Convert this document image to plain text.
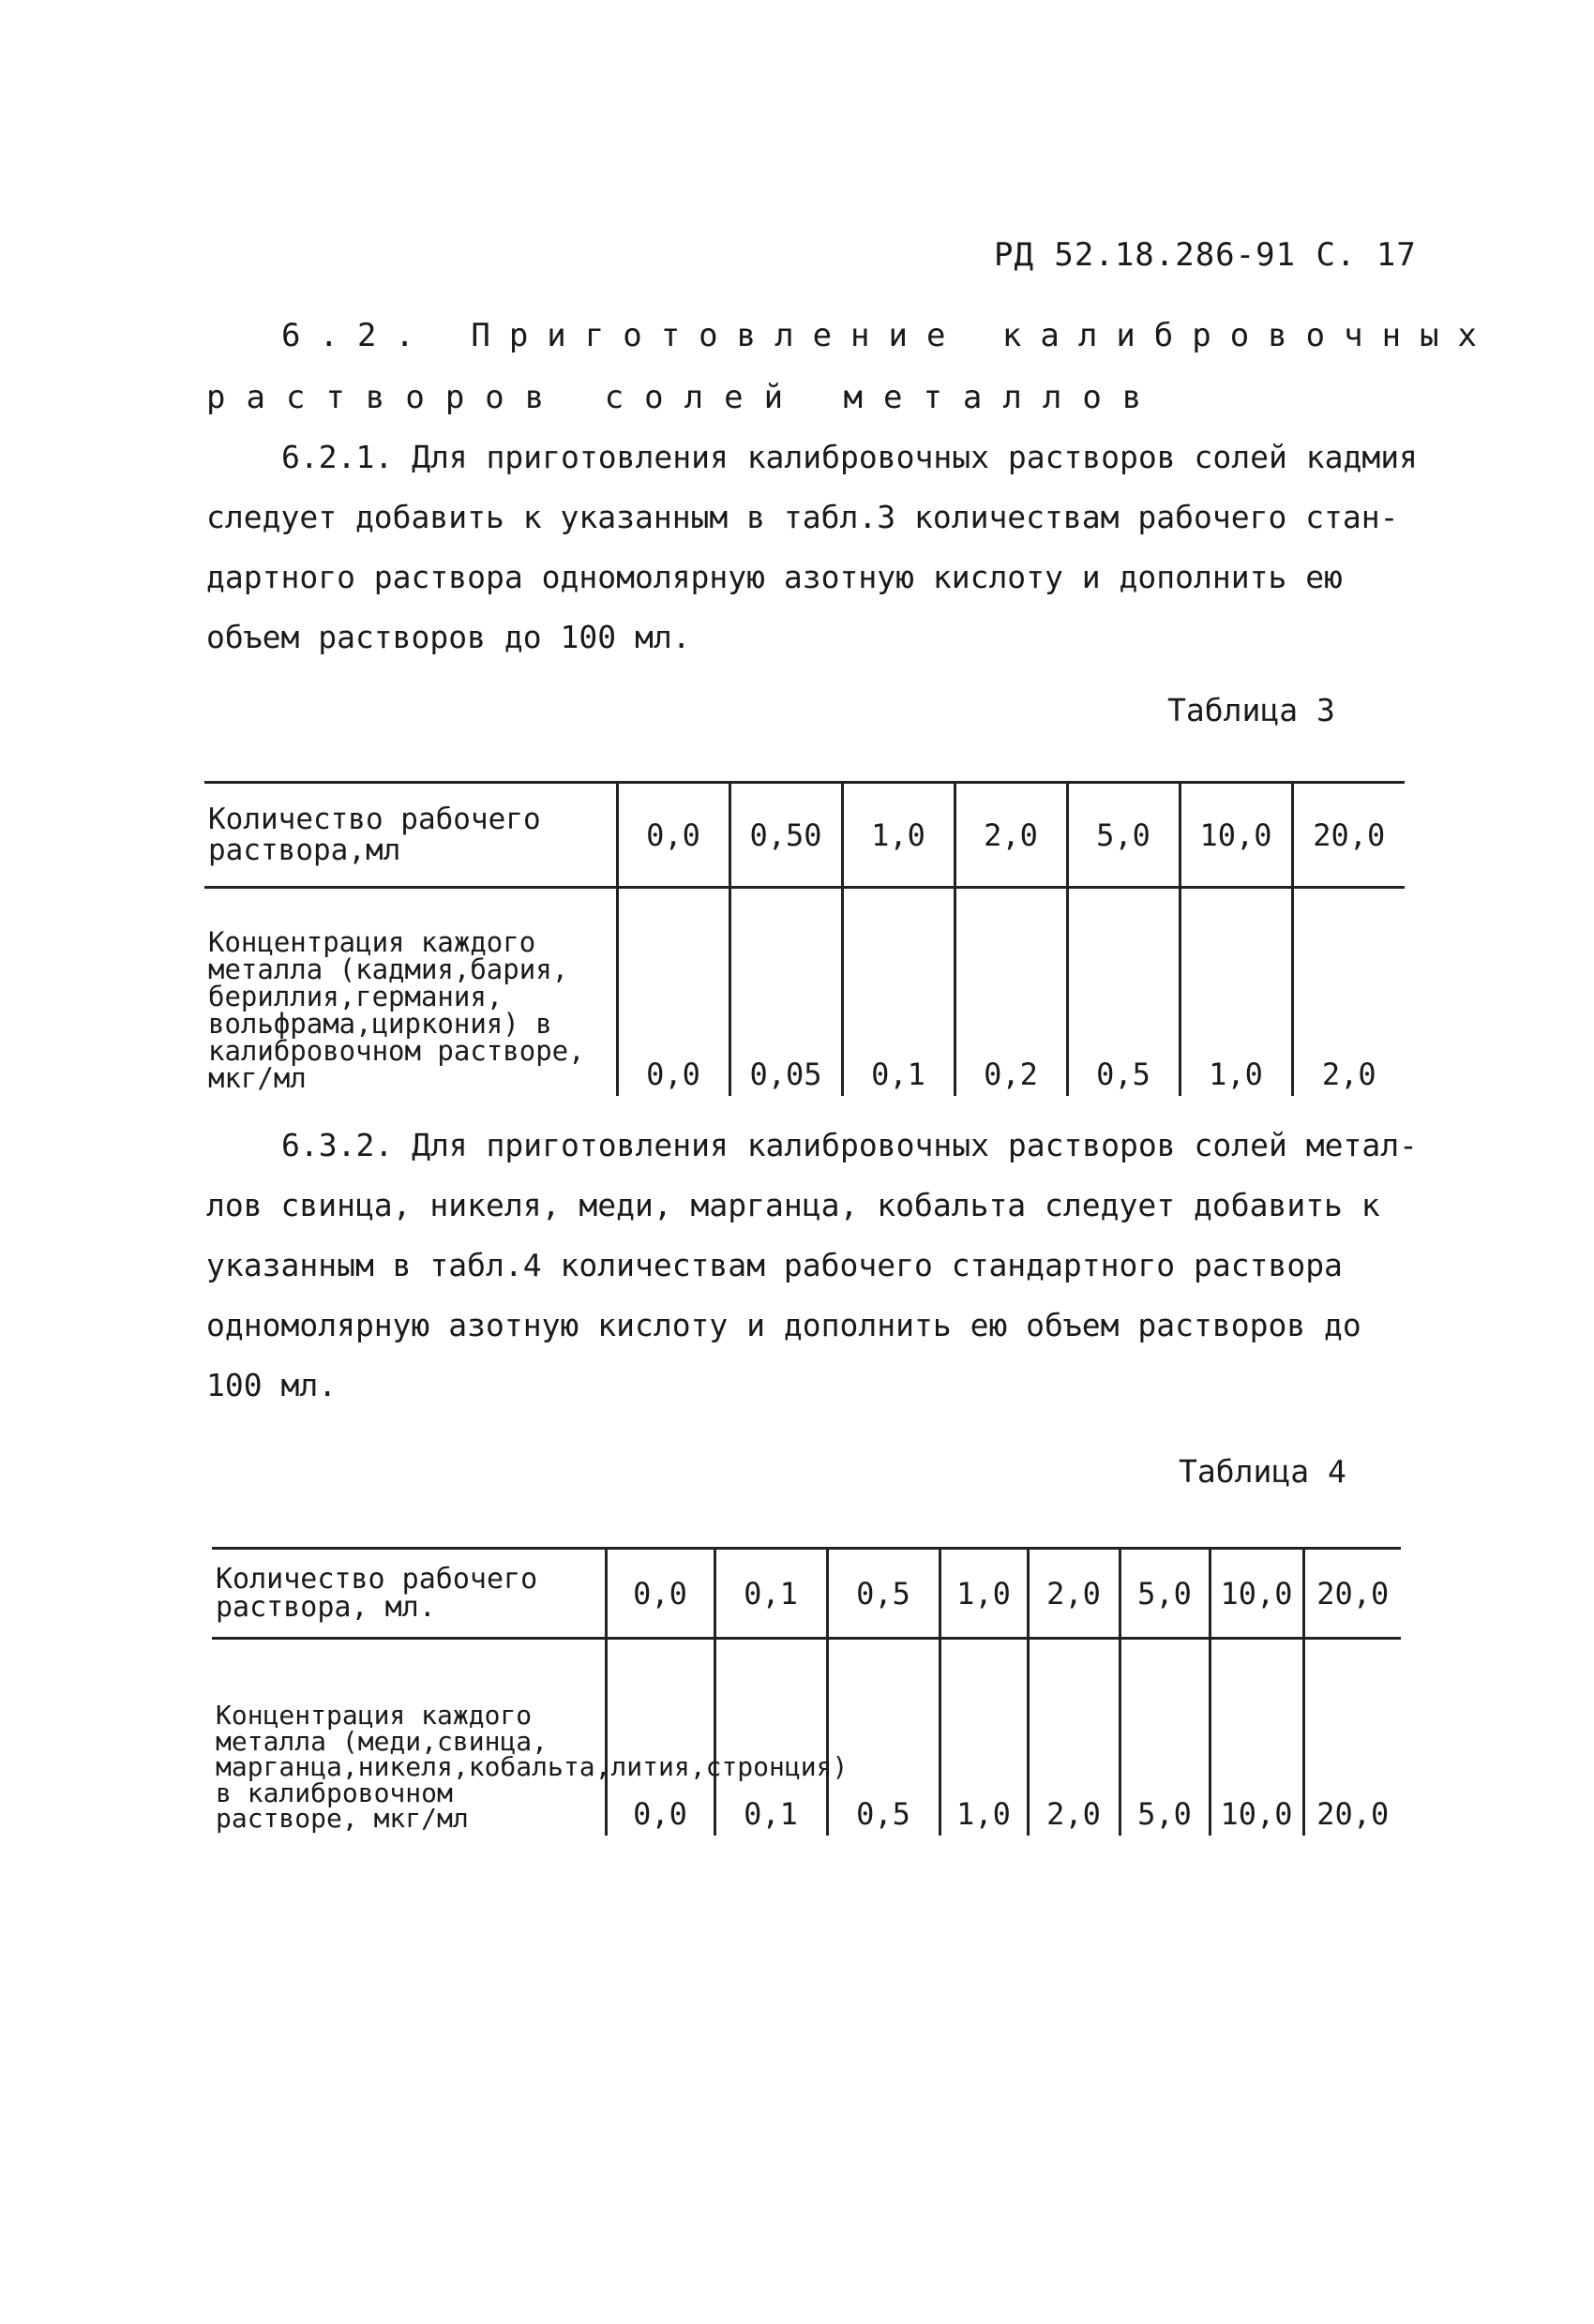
РД 52.18.286-91 С. 17
6.2. Приготовление калибровочных
растворов солей металлов
6.2.1. Для приготовления калибровочных растворов солей кадмия
следует добавить к указанным в табл.3 количествам рабочего стан-
дартного раствора одномолярную азотную кислоту и дополнить ею
объем растворов до 100 мл.
Таблица 3
Количество рабочего раствора,мл	0,0	0,50	1,0	2,0	5,0	10,0	20,0
Концентрация каждого металла (кадмия,бария, бериллия,германия, вольфрама,циркония) в калибровочном растворе, мкг/мл	0,0	0,05	0,1	0,2	0,5	1,0	2,0
6.3.2. Для приготовления калибровочных растворов солей метал-
лов свинца, никеля, меди, марганца, кобальта следует добавить к
указанным в табл.4 количествам рабочего стандартного раствора
одномолярную азотную кислоту и дополнить ею объем растворов до
100 мл.
Таблица 4
Количество рабочего раствора, мл.	0,0	0,1	0,5	1,0	2,0	5,0	10,0	20,0
Концентрация каждого металла (меди,свинца, марганца,никеля,кобальта,лития,стронция) в калибровочном растворе, мкг/мл	0,0	0,1	0,5	1,0	2,0	5,0	10,0	20,0
